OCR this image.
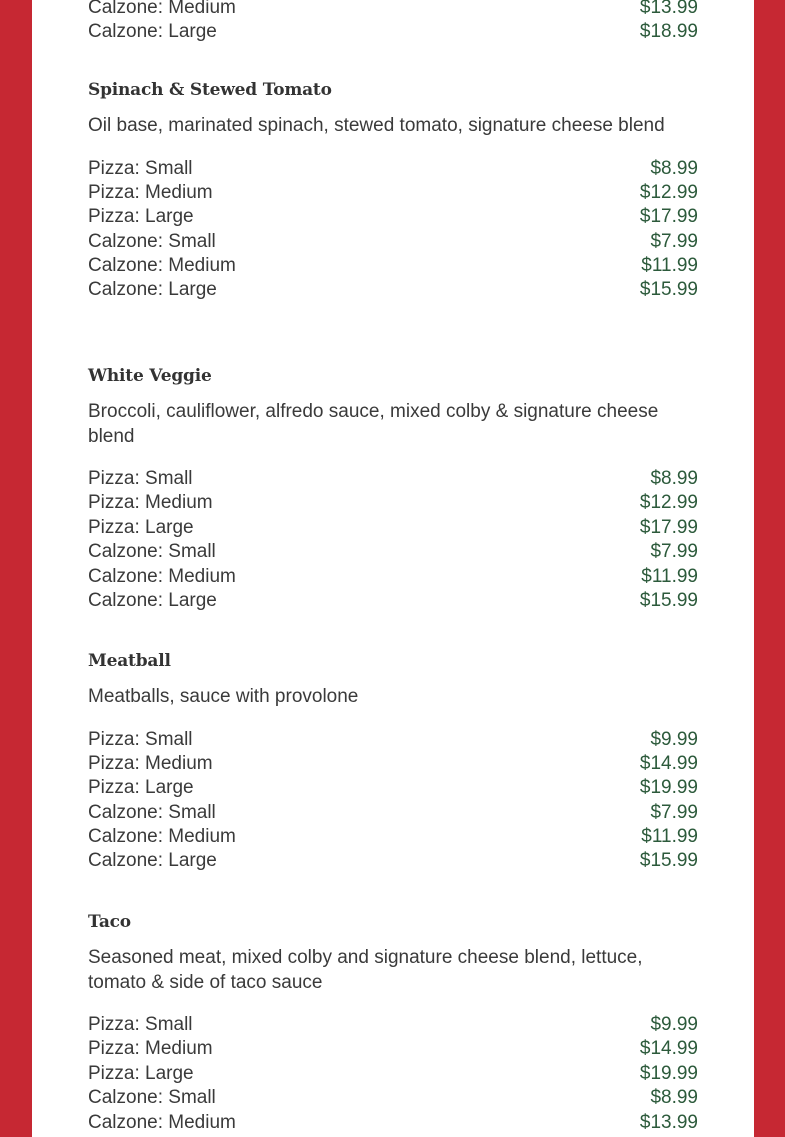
Calzone: Medium	$13.99
Calzone: Large	$18.99
Spinach & Stewed Tomato
Oil base, marinated spinach, stewed tomato, signature cheese blend
Pizza: Small	$8.99
Pizza: Medium	$12.99
Pizza: Large	$17.99
Calzone: Small	$7.99
Calzone: Medium	$11.99
Calzone: Large	$15.99
White Veggie
Broccoli, cauliflower, alfredo sauce, mixed colby & signature cheese blend
Pizza: Small	$8.99
Pizza: Medium	$12.99
Pizza: Large	$17.99
Calzone: Small	$7.99
Calzone: Medium	$11.99
Calzone: Large	$15.99
Meatball
Meatballs, sauce with provolone
Pizza: Small	$9.99
Pizza: Medium	$14.99
Pizza: Large	$19.99
Calzone: Small	$7.99
Calzone: Medium	$11.99
Calzone: Large	$15.99
Taco
Seasoned meat, mixed colby and signature cheese blend, lettuce, tomato & side of taco sauce
Pizza: Small	$9.99
Pizza: Medium	$14.99
Pizza: Large	$19.99
Calzone: Small	$8.99
Calzone: Medium	$13.99
